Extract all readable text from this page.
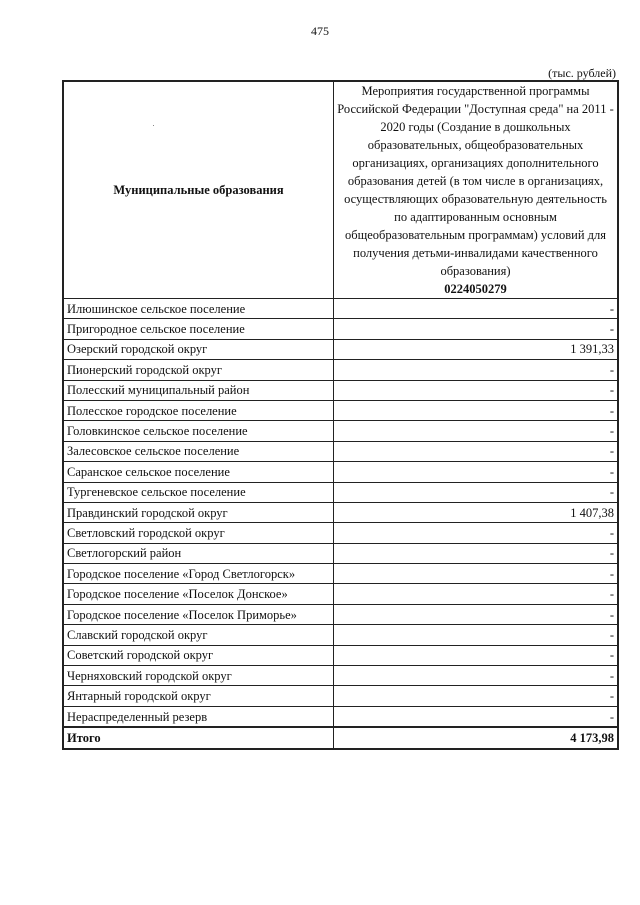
475
(тыс. рублей)
Муниципальные образования	Мероприятия государственной программы Российской Федерации "Доступная среда" на 2011 - 2020 годы (Создание в дошкольных образовательных, общеобразовательных организациях, организациях дополнительного образования детей (в том числе в организациях, осуществляющих образовательную деятельность по адаптированным основным общеобразовательным программам) условий для получения детьми-инвалидами качественного образования)
0224050279

Илюшинское сельское поселение	-
Пригородное сельское поселение	-
Озерский городской округ	1 391,33
Пионерский городской округ	-
Полесский муниципальный район	-
Полесское городское поселение	-
Головкинское сельское поселение	-
Залесовское сельское поселение	-
Саранское сельское поселение	-
Тургеневское сельское поселение	-
Правдинский городской округ	1 407,38
Светловский городской округ	-
Светлогорский район	-
Городское поселение «Город Светлогорск»	-
Городское поселение «Поселок Донское»	-
Городское поселение «Поселок Приморье»	-
Славский городской округ	-
Советский городской округ	-
Черняховский городской округ	-
Янтарный городской округ	-
Нераспределенный резерв	-
Итого	4 173,98
